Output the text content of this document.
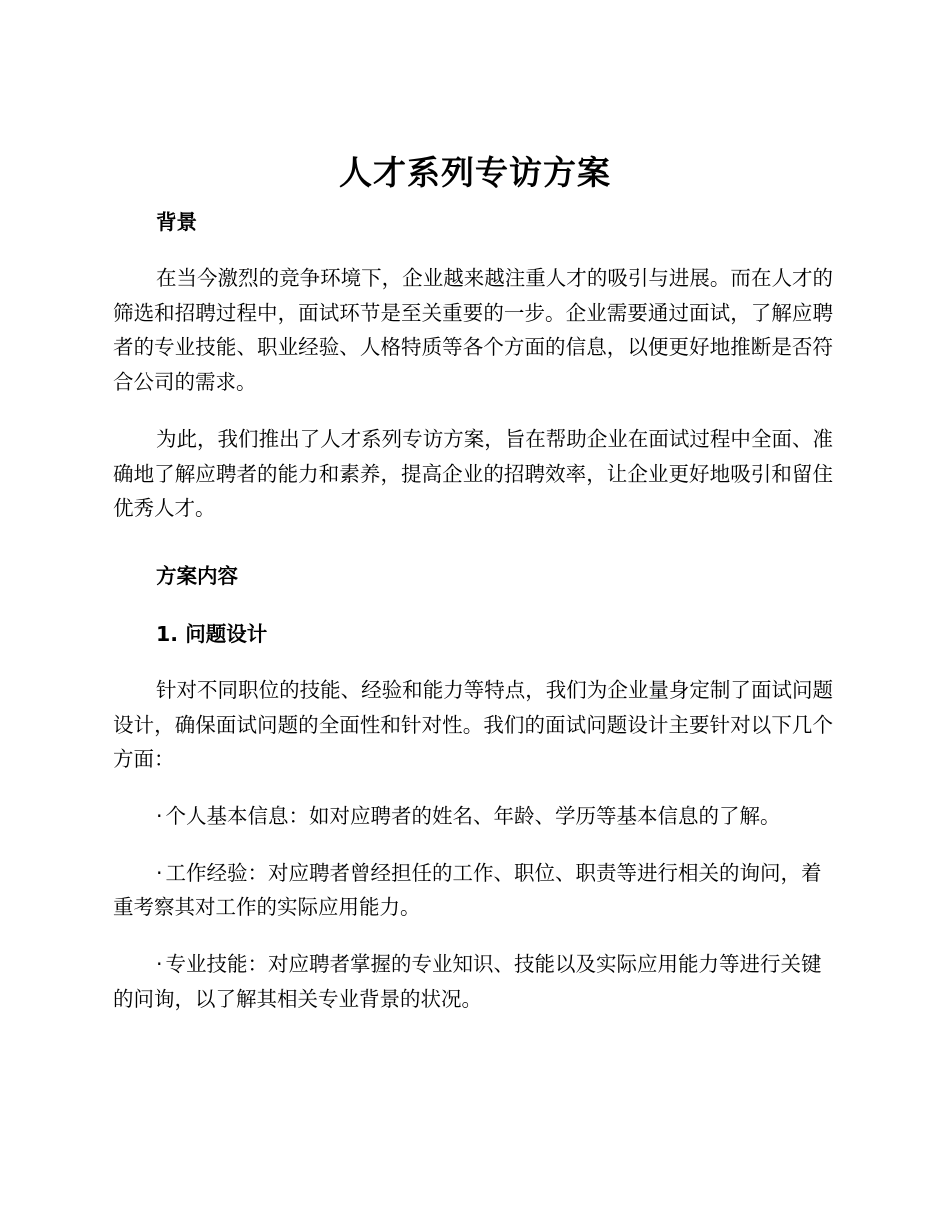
人才系列专访方案
背景

在当今激烈的竞争环境下，企业越来越注重人才的吸引与进展。而在人才的筛选和招聘过程中，面试环节是至关重要的一步。企业需要通过面试，了解应聘者的专业技能、职业经验、人格特质等各个方面的信息，以便更好地推断是否符合公司的需求。

为此，我们推出了人才系列专访方案，旨在帮助企业在面试过程中全面、准确地了解应聘者的能力和素养，提高企业的招聘效率，让企业更好地吸引和留住优秀人才。

方案内容
1. 问题设计

针对不同职位的技能、经验和能力等特点，我们为企业量身定制了面试问题设计，确保面试问题的全面性和针对性。我们的面试问题设计主要针对以下几个方面：

· 个人基本信息：如对应聘者的姓名、年龄、学历等基本信息的了解。

· 工作经验：对应聘者曾经担任的工作、职位、职责等进行相关的询问，着重考察其对工作的实际应用能力。

· 专业技能：对应聘者掌握的专业知识、技能以及实际应用能力等进行关键的问询，以了解其相关专业背景的状况。
